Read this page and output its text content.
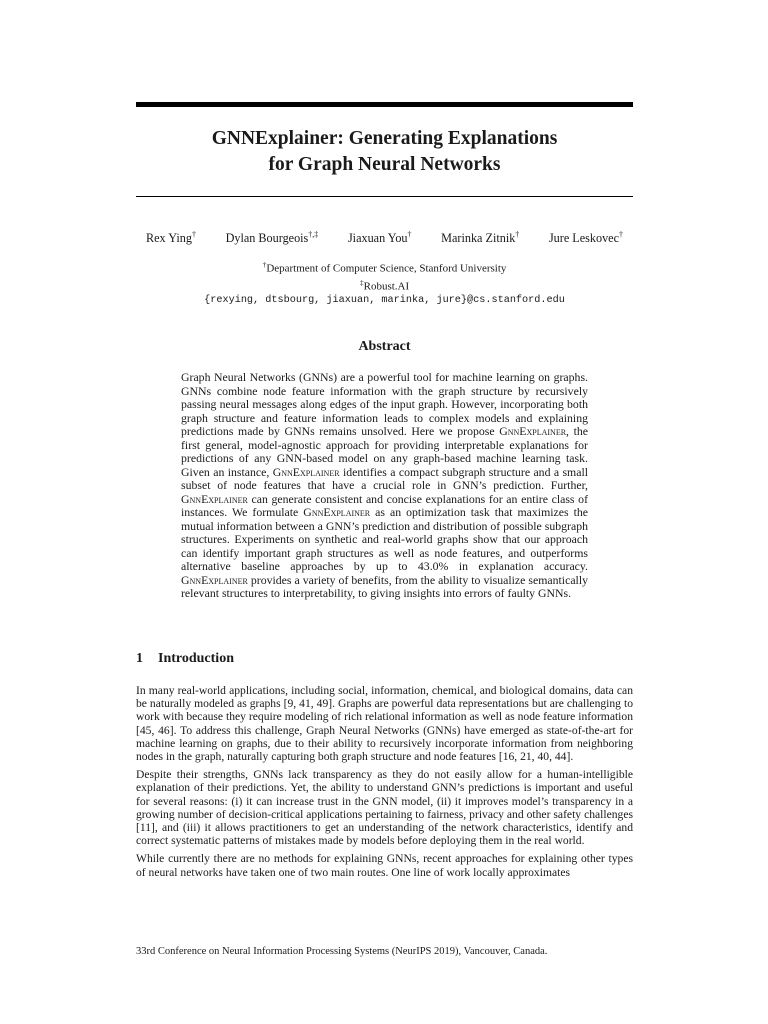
GNNExplainer: Generating Explanations
for Graph Neural Networks
Rex Ying† Dylan Bourgeois†,‡ Jiaxuan You† Marinka Zitnik† Jure Leskovec†
†Department of Computer Science, Stanford University
‡Robust.AI
{rexying, dtsbourg, jiaxuan, marinka, jure}@cs.stanford.edu
Abstract
Graph Neural Networks (GNNs) are a powerful tool for machine learning on graphs. GNNs combine node feature information with the graph structure by recursively passing neural messages along edges of the input graph. However, incorporating both graph structure and feature information leads to complex models and explaining predictions made by GNNs remains unsolved. Here we propose GnnExplainer, the first general, model-agnostic approach for providing interpretable explanations for predictions of any GNN-based model on any graph-based machine learning task. Given an instance, GnnExplainer identifies a compact subgraph structure and a small subset of node features that have a crucial role in GNN’s prediction. Further, GnnExplainer can generate consistent and concise explanations for an entire class of instances. We formulate GnnExplainer as an optimization task that maximizes the mutual information between a GNN’s prediction and distribution of possible subgraph structures. Experiments on synthetic and real-world graphs show that our approach can identify important graph structures as well as node features, and outperforms alternative baseline approaches by up to 43.0% in explanation accuracy. GnnExplainer provides a variety of benefits, from the ability to visualize semantically relevant structures to interpretability, to giving insights into errors of faulty GNNs.
1 Introduction

In many real-world applications, including social, information, chemical, and biological domains, data can be naturally modeled as graphs [9, 41, 49]. Graphs are powerful data representations but are challenging to work with because they require modeling of rich relational information as well as node feature information [45, 46]. To address this challenge, Graph Neural Networks (GNNs) have emerged as state-of-the-art for machine learning on graphs, due to their ability to recursively incorporate information from neighboring nodes in the graph, naturally capturing both graph structure and node features [16, 21, 40, 44].

Despite their strengths, GNNs lack transparency as they do not easily allow for a human-intelligible explanation of their predictions. Yet, the ability to understand GNN’s predictions is important and useful for several reasons: (i) it can increase trust in the GNN model, (ii) it improves model’s transparency in a growing number of decision-critical applications pertaining to fairness, privacy and other safety challenges [11], and (iii) it allows practitioners to get an understanding of the network characteristics, identify and correct systematic patterns of mistakes made by models before deploying them in the real world.

While currently there are no methods for explaining GNNs, recent approaches for explaining other types of neural networks have taken one of two main routes. One line of work locally approximates

33rd Conference on Neural Information Processing Systems (NeurIPS 2019), Vancouver, Canada.
